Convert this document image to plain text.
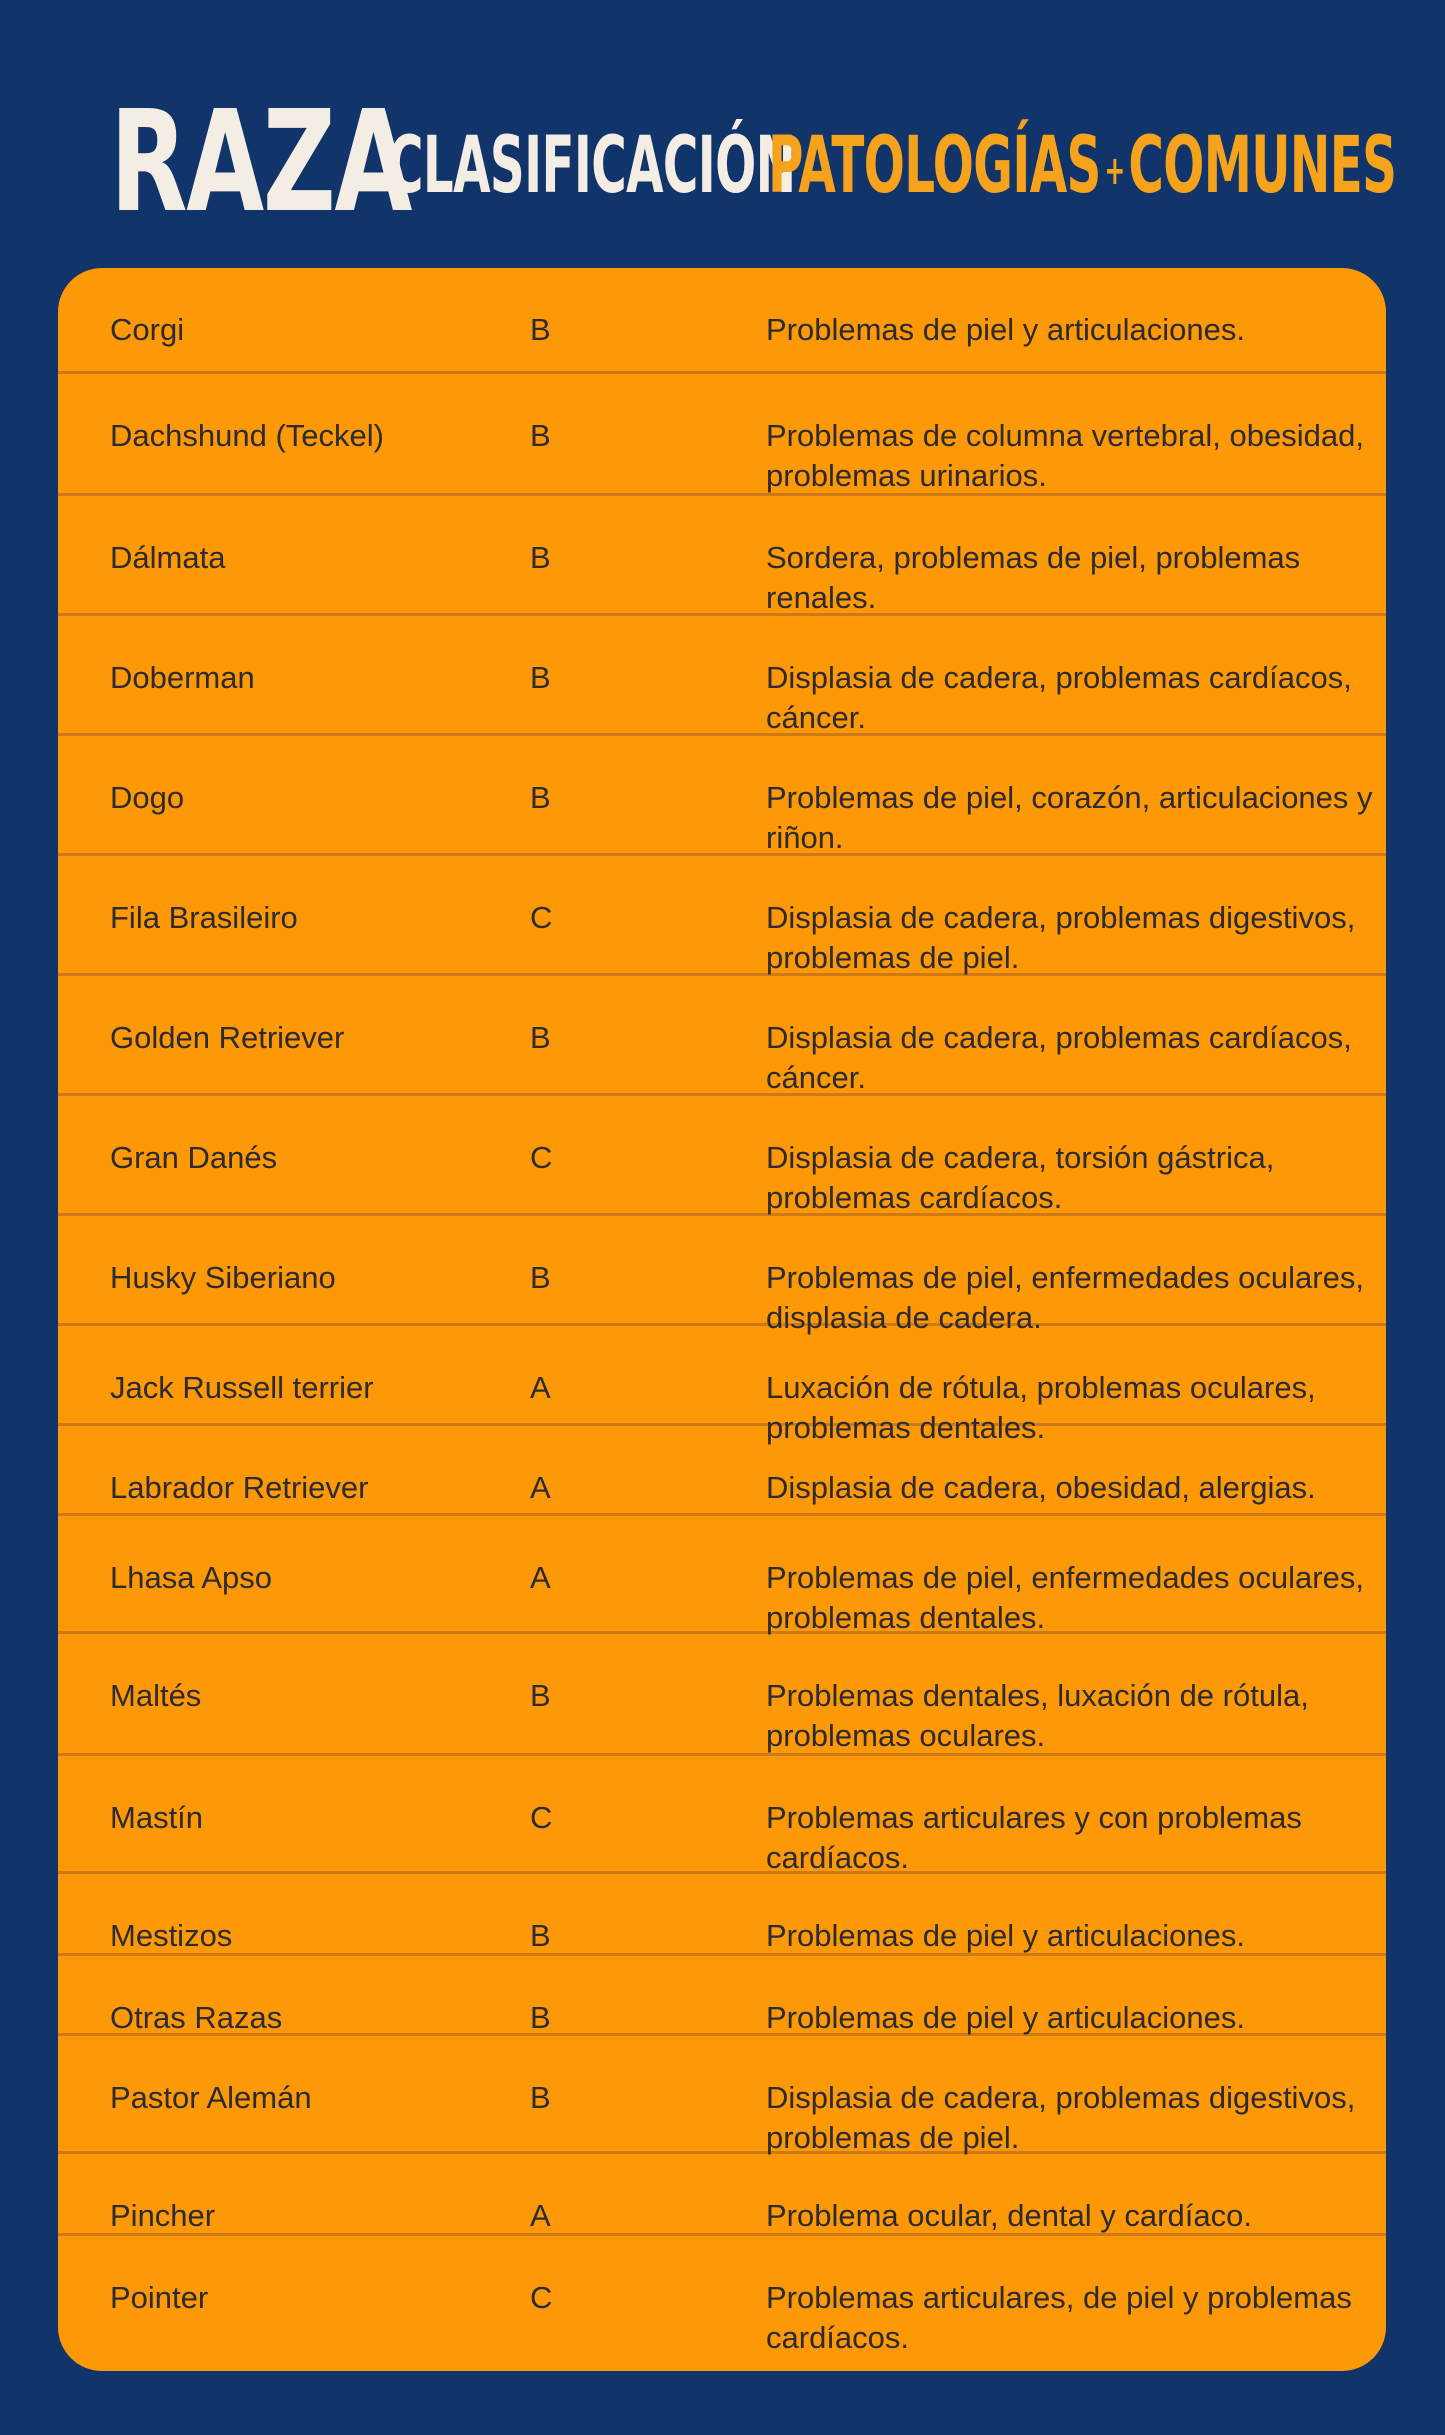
RAZA
CLASIFICACIÓN
PATOLOGÍAS+COMUNES
Corgi	B	Problemas de piel y articulaciones.
Dachshund (Teckel)	B	Problemas de columna vertebral, obesidad, problemas urinarios.
Dálmata	B	Sordera, problemas de piel, problemas renales.
Doberman	B	Displasia de cadera, problemas cardíacos, cáncer.
Dogo	B	Problemas de piel, corazón, articulaciones y riñon.
Fila Brasileiro	C	Displasia de cadera, problemas digestivos, problemas de piel.
Golden Retriever	B	Displasia de cadera, problemas cardíacos, cáncer.
Gran Danés	C	Displasia de cadera, torsión gástrica, problemas cardíacos.
Husky Siberiano	B	Problemas de piel, enfermedades oculares, displasia de cadera.
Jack Russell terrier	A	Luxación de rótula, problemas oculares, problemas dentales.
Labrador Retriever	A	Displasia de cadera, obesidad, alergias.
Lhasa Apso	A	Problemas de piel, enfermedades oculares, problemas dentales.
Maltés	B	Problemas dentales, luxación de rótula, problemas oculares.
Mastín	C	Problemas articulares y con problemas cardíacos.
Mestizos	B	Problemas de piel y articulaciones.
Otras Razas	B	Problemas de piel y articulaciones.
Pastor Alemán	B	Displasia de cadera, problemas digestivos, problemas de piel.
Pincher	A	Problema ocular, dental y cardíaco.
Pointer	C	Problemas articulares, de piel y problemas cardíacos.
